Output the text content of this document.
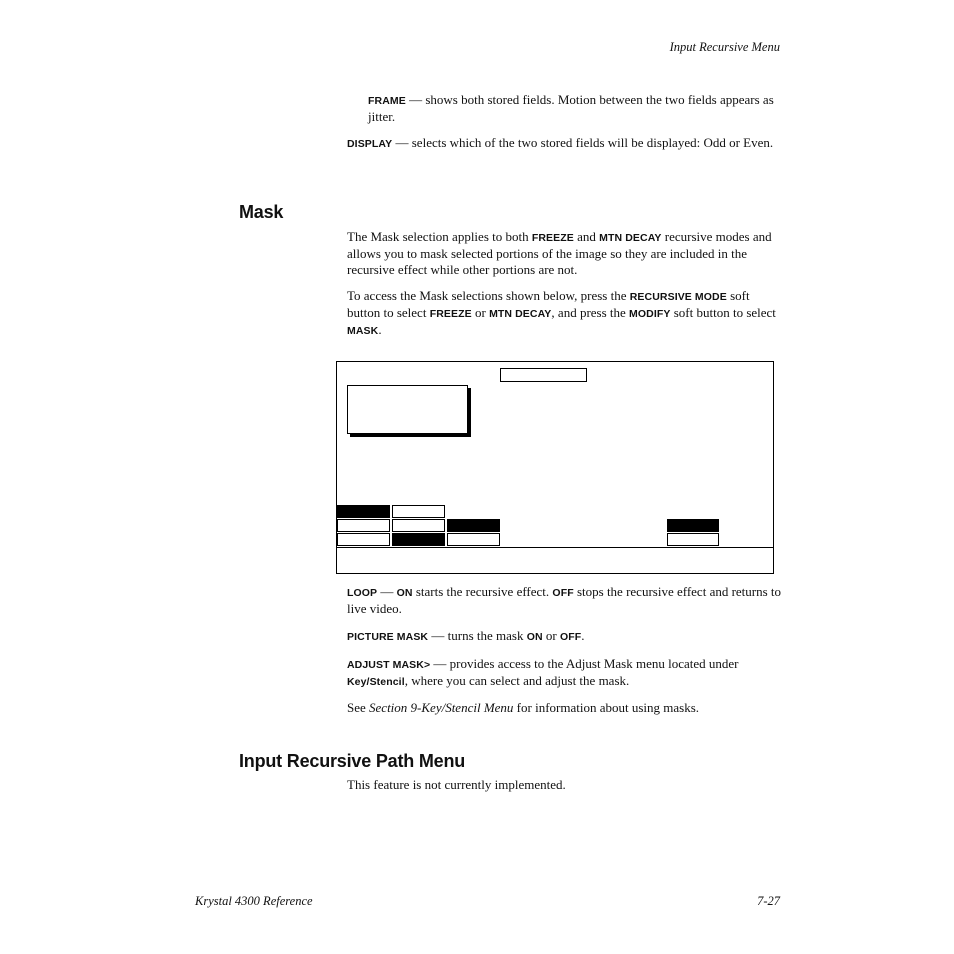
Input Recursive Menu

FRAME — shows both stored fields. Motion between the two fields appears as jitter.

DISPLAY — selects which of the two stored fields will be displayed: Odd or Even.

Mask

The Mask selection applies to both FREEZE and MTN DECAY recursive modes and allows you to mask selected portions of the image so they are included in the recursive effect while other portions are not.

To access the Mask selections shown below, press the RECURSIVE MODE soft button to select FREEZE or MTN DECAY, and press the MODIFY soft button to select MASK.

LOOP — ON starts the recursive effect. OFF stops the recursive effect and returns to live video.

PICTURE MASK — turns the mask ON or OFF.

ADJUST MASK> — provides access to the Adjust Mask menu located under Key/Stencil, where you can select and adjust the mask.

See Section 9-Key/Stencil Menu for information about using masks.

Input Recursive Path Menu

This feature is not currently implemented.

Krystal 4300 Reference	7-27
